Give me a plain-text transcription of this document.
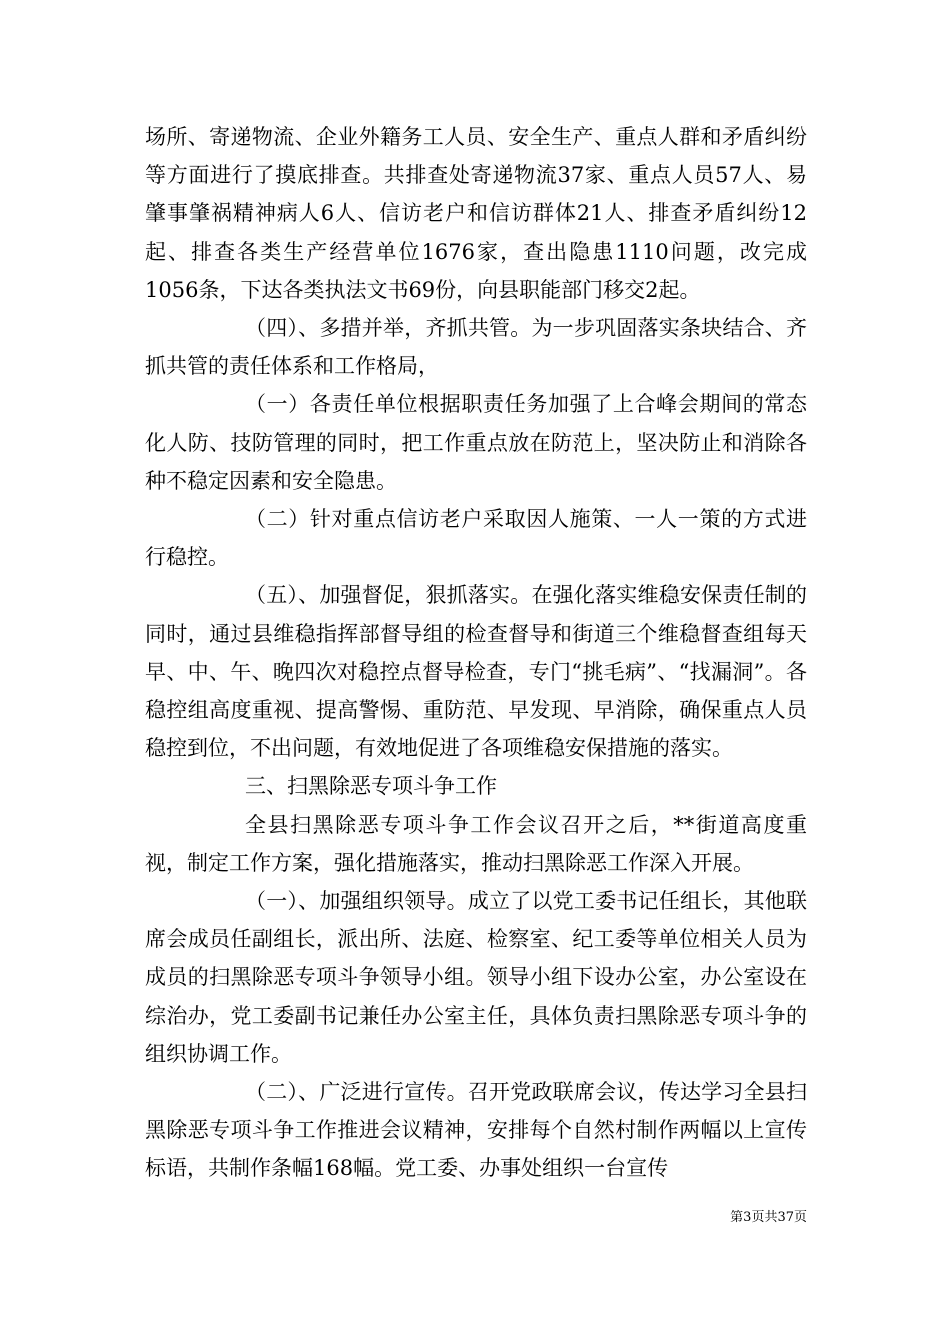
场所、寄递物流、企业外籍务工人员、安全生产、重点人群和矛盾纠纷等方面进行了摸底排查。共排查处寄递物流37家、重点人员57人、易肇事肇祸精神病人6人、信访老户和信访群体21人、排查矛盾纠纷12起、排查各类生产经营单位1676家，查出隐患1110问题，改完成1056条，下达各类执法文书69份，向县职能部门移交2起。

（四）、多措并举，齐抓共管。为一步巩固落实条块结合、齐抓共管的责任体系和工作格局，

（一）各责任单位根据职责任务加强了上合峰会期间的常态化人防、技防管理的同时，把工作重点放在防范上，坚决防止和消除各种不稳定因素和安全隐患。

（二）针对重点信访老户采取因人施策、一人一策的方式进行稳控。

（五）、加强督促，狠抓落实。在强化落实维稳安保责任制的同时，通过县维稳指挥部督导组的检查督导和街道三个维稳督查组每天早、中、午、晚四次对稳控点督导检查，专门“挑毛病”、“找漏洞”。各稳控组高度重视、提高警惕、重防范、早发现、早消除，确保重点人员稳控到位，不出问题，有效地促进了各项维稳安保措施的落实。

三、扫黑除恶专项斗争工作

全县扫黑除恶专项斗争工作会议召开之后，**街道高度重视，制定工作方案，强化措施落实，推动扫黑除恶工作深入开展。

（一）、加强组织领导。成立了以党工委书记任组长，其他联席会成员任副组长，派出所、法庭、检察室、纪工委等单位相关人员为成员的扫黑除恶专项斗争领导小组。领导小组下设办公室，办公室设在综治办，党工委副书记兼任办公室主任，具体负责扫黑除恶专项斗争的组织协调工作。

（二）、广泛进行宣传。召开党政联席会议，传达学习全县扫黑除恶专项斗争工作推进会议精神，安排每个自然村制作两幅以上宣传标语，共制作条幅168幅。党工委、办事处组织一台宣传

第3页共37页
